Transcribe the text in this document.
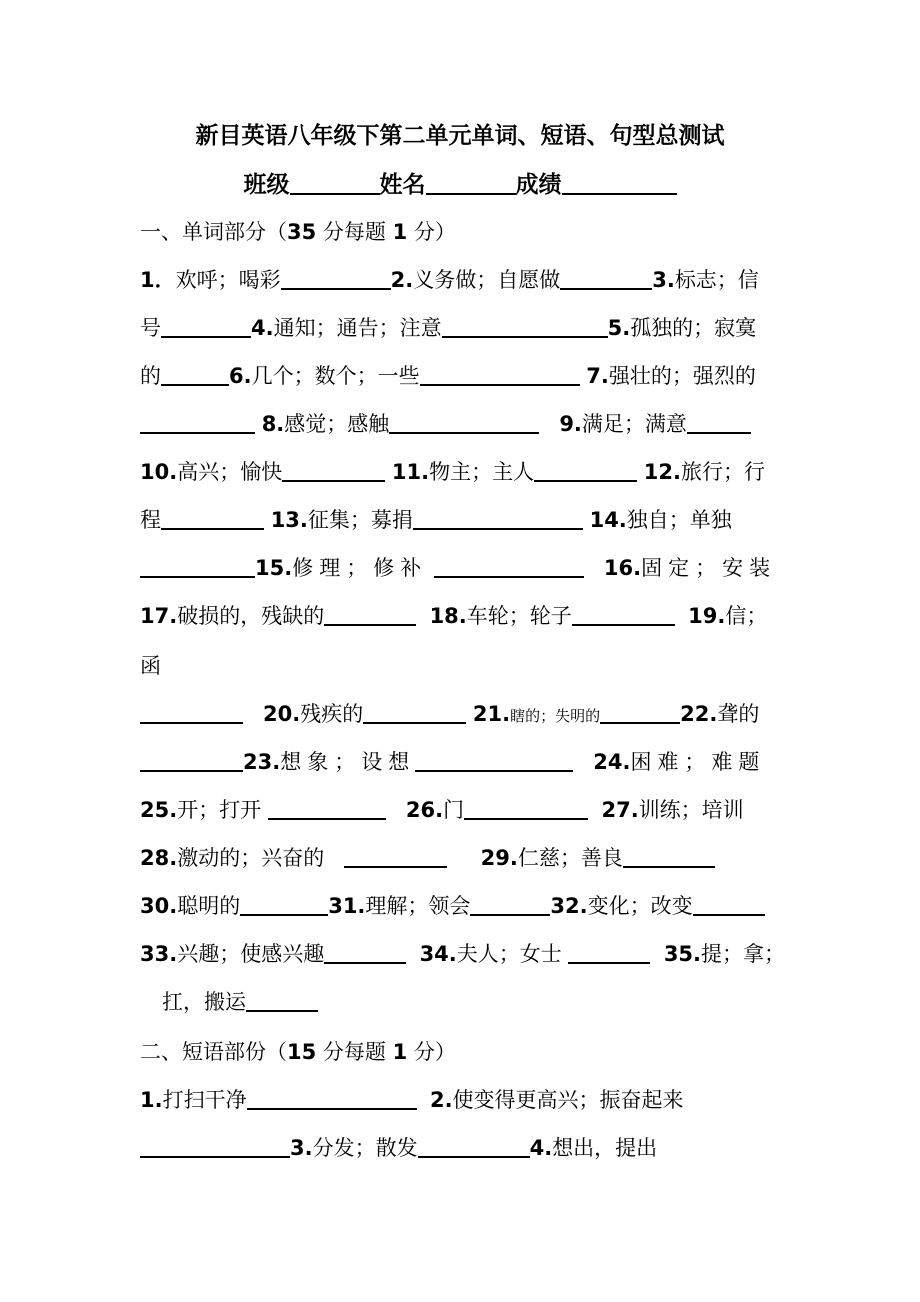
新目英语八年级下第二单元单词、短语、句型总测试
班级	姓名	成绩
一、单词部分（35 分每题 1 分）
1．欢呼；喝彩	2.义务做；自愿做	3.标志；信
号	4.通知；通告；注意	5.孤独的；寂寞
的	6.几个；数个；一些	7.强壮的；强烈的
8.感觉；感触	9.满足；满意
10.高兴；愉快	11.物主；主人	12.旅行；行
程	13.征集；募捐	14.独自；单独
15.修理；修补	16.固定；安装
17.破损的，残缺的	18.车轮；轮子	19.信；
函
20.残疾的	21.瞎的；失明的	22.聋的
23.想象；设想	24.困难；难题
25.开；打开	26.门	27.训练；培训
28.激动的；兴奋的	29.仁慈；善良
30.聪明的	31.理解；领会	32.变化；改变
33.兴趣；使感兴趣	34.夫人；女士	35.提；拿；
扛，搬运
二、短语部份（15 分每题 1 分）
1.打扫干净	2.使变得更高兴；振奋起来
3.分发；散发	4.想出，提出
